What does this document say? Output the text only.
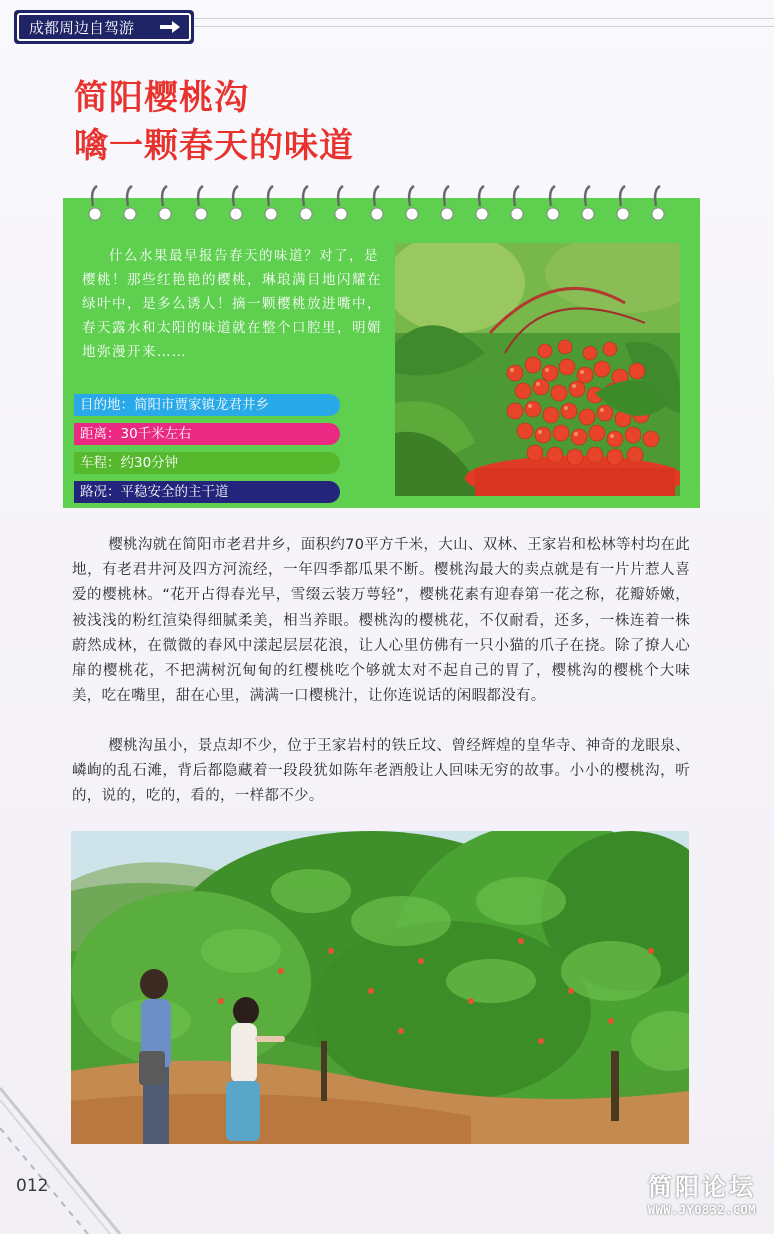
成都周边自驾游
简阳樱桃沟
噙一颗春天的味道
什么水果最早报告春天的味道？对了，是樱桃！那些红艳艳的樱桃，琳琅满目地闪耀在绿叶中，是多么诱人！摘一颗樱桃放进嘴中，春天露水和太阳的味道就在整个口腔里，明媚地弥漫开来……
目的地：简阳市贾家镇龙君井乡
距离：30千米左右
车程：约30分钟
路况：平稳安全的主干道
樱桃沟就在简阳市老君井乡，面积约70平方千米，大山、双林、王家岩和松林等村均在此地，有老君井河及四方河流经，一年四季都瓜果不断。樱桃沟最大的卖点就是有一片片惹人喜爱的樱桃林。“花开占得春光早，雪缀云装万萼轻”，樱桃花素有迎春第一花之称，花瓣娇嫩，被浅浅的粉红渲染得细腻柔美，相当养眼。樱桃沟的樱桃花，不仅耐看，还多，一株连着一株蔚然成林，在微微的春风中漾起层层花浪，让人心里仿佛有一只小猫的爪子在挠。除了撩人心扉的樱桃花，不把满树沉甸甸的红樱桃吃个够就太对不起自己的胃了，樱桃沟的樱桃个大味美，吃在嘴里，甜在心里，满满一口樱桃汁，让你连说话的闲暇都没有。
樱桃沟虽小，景点却不少，位于王家岩村的铁丘坟、曾经辉煌的皇华寺、神奇的龙眼泉、嶙峋的乱石滩，背后都隐藏着一段段犹如陈年老酒般让人回味无穷的故事。小小的樱桃沟，听的，说的，吃的，看的，一样都不少。
012	简阳论坛
WWW.JY0832.COM
